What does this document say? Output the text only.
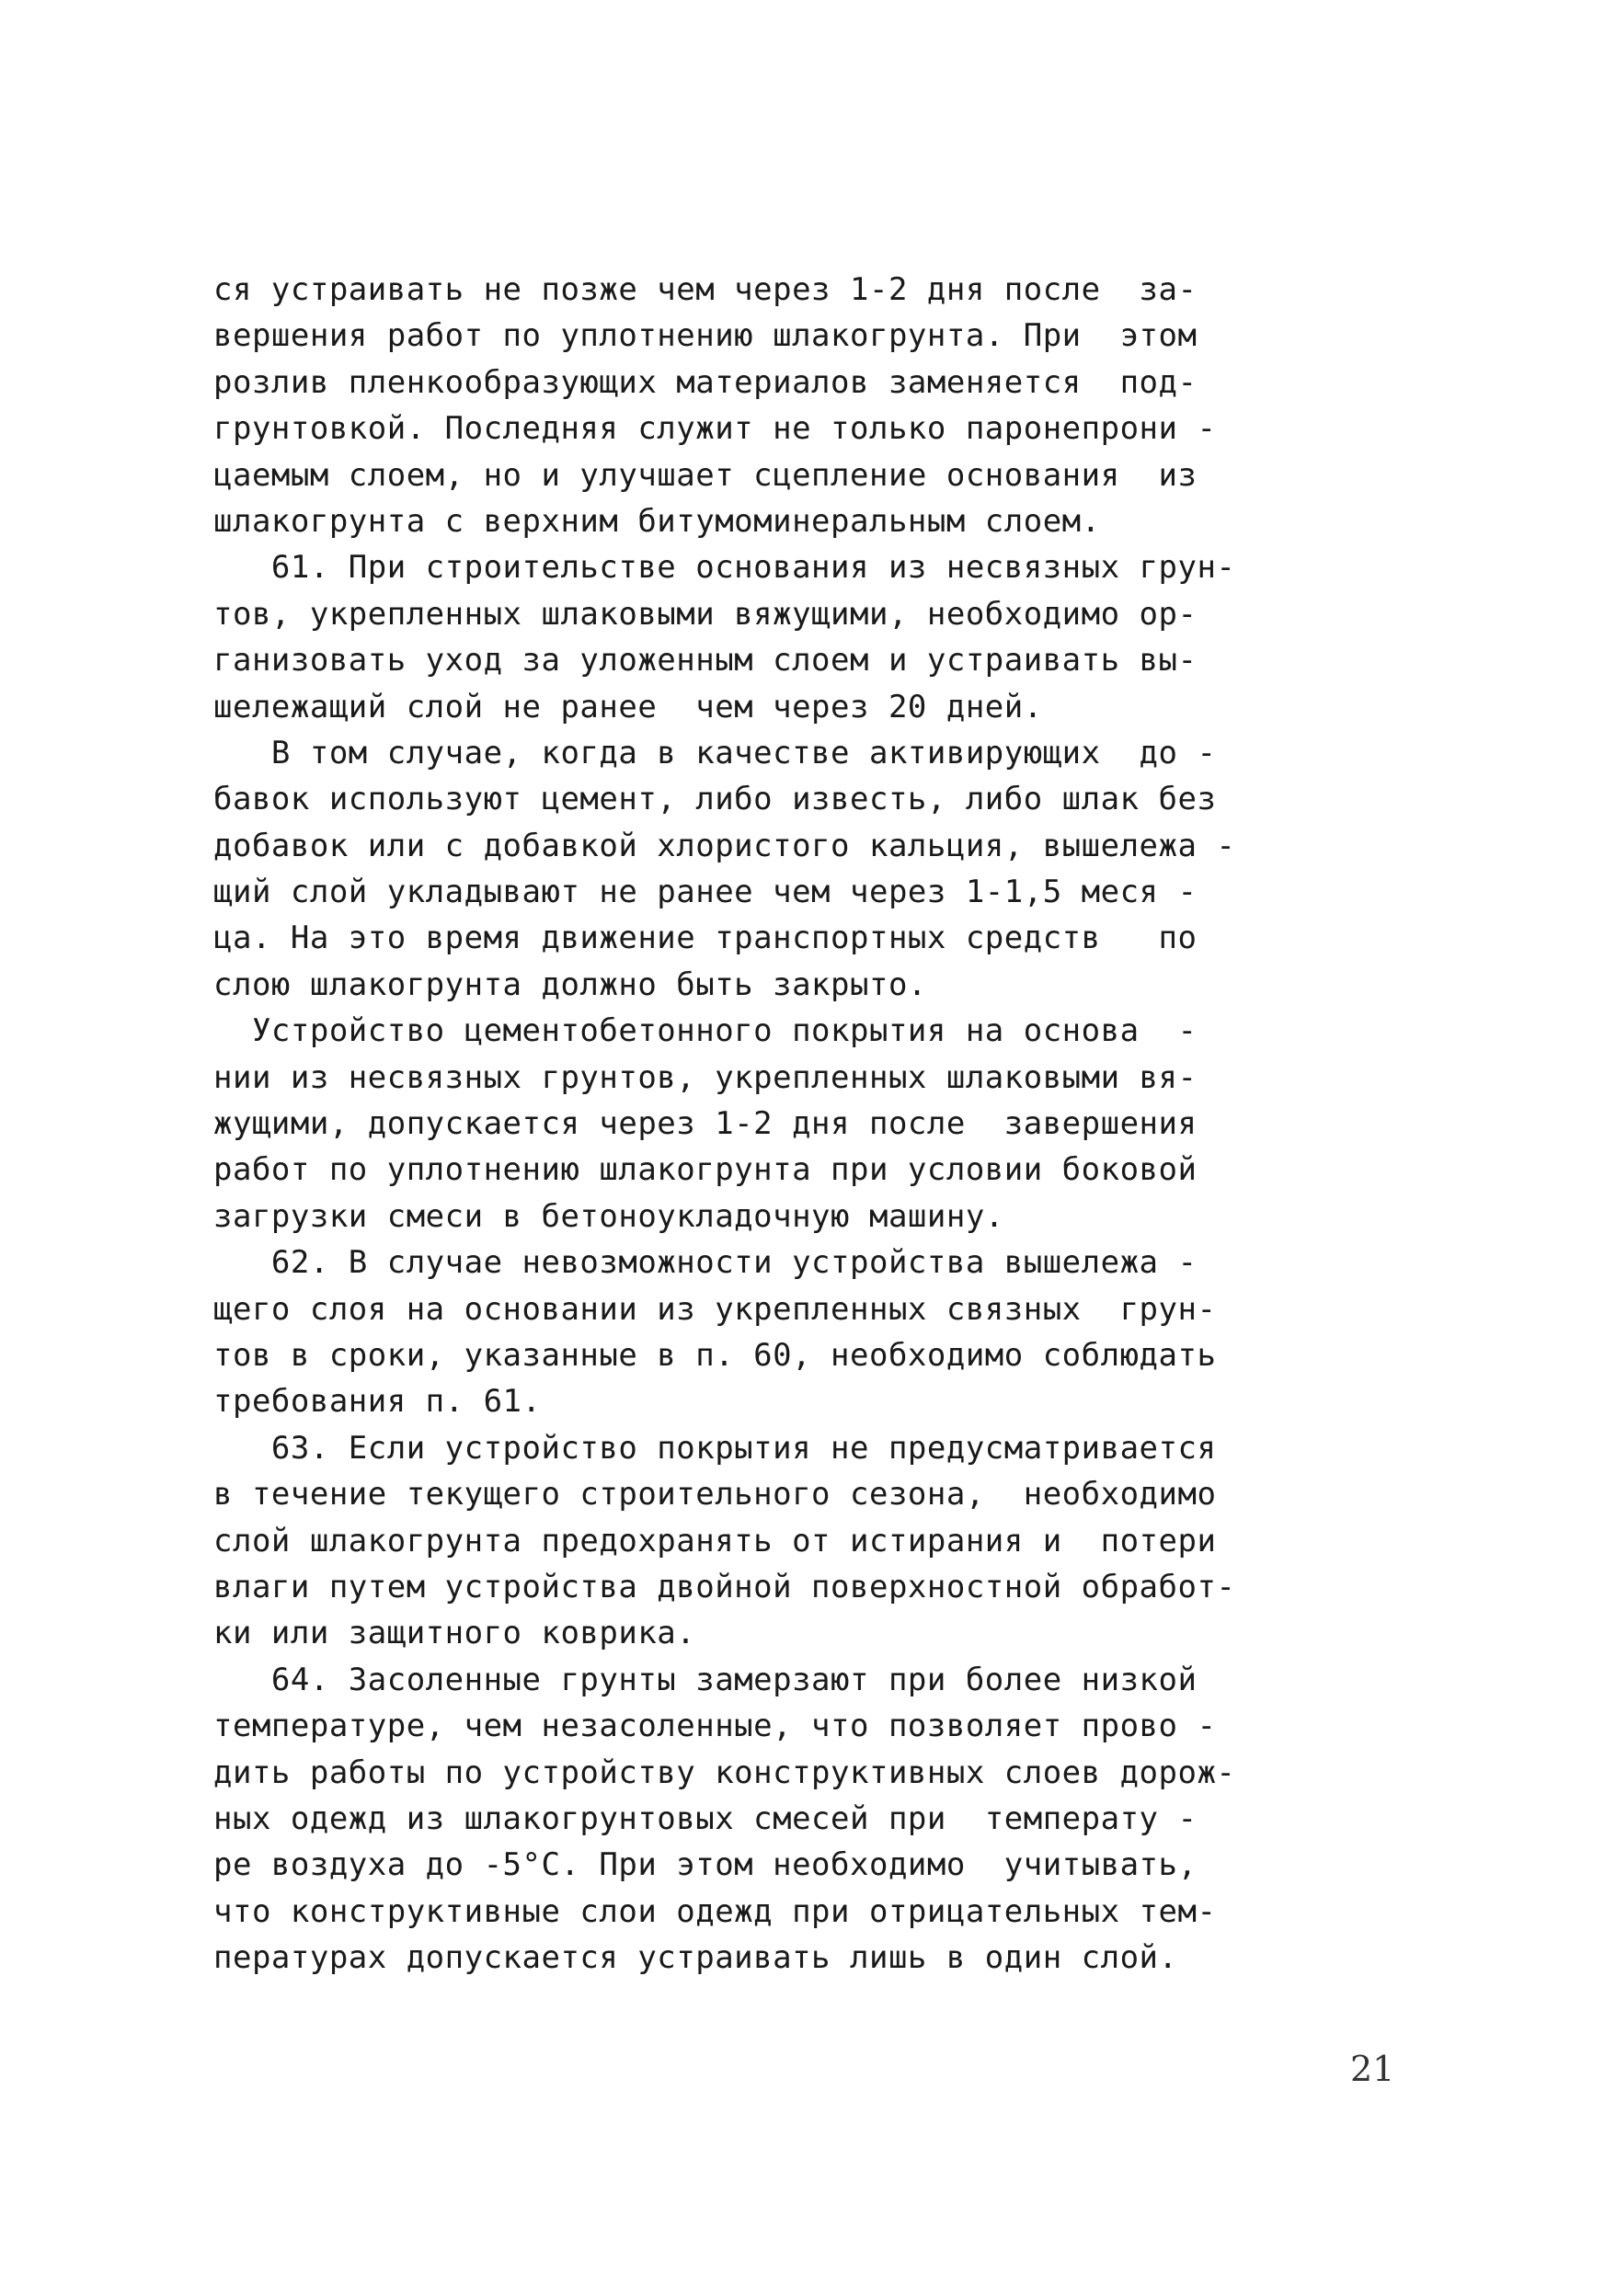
ся устраивать не позже чем через 1-2 дня после  за-
вершения работ по уплотнению шлакогрунта. При  этом
розлив пленкообразующих материалов заменяется  под-
грунтовкой. Последняя служит не только паронепрони -
цаемым слоем, но и улучшает сцепление основания  из
шлакогрунта с верхним битумоминеральным слоем.
61. При строительстве основания из несвязных грун-
тов, укрепленных шлаковыми вяжущими, необходимо ор-
ганизовать уход за уложенным слоем и устраивать вы-
шележащий слой не ранее  чем через 20 дней.
В том случае, когда в качестве активирующих  до -
бавок используют цемент, либо известь, либо шлак без
добавок или с добавкой хлористого кальция, вышележа -
щий слой укладывают не ранее чем через 1-1,5 меся -
ца. На это время движение транспортных средств   по
слою шлакогрунта должно быть закрыто.
Устройство цементобетонного покрытия на основа  -
нии из несвязных грунтов, укрепленных шлаковыми вя-
жущими, допускается через 1-2 дня после  завершения
работ по уплотнению шлакогрунта при условии боковой
загрузки смеси в бетоноукладочную машину.
62. В случае невозможности устройства вышележа -
щего слоя на основании из укрепленных связных  грун-
тов в сроки, указанные в п. 60, необходимо соблюдать
требования п. 61.
63. Если устройство покрытия не предусматривается
в течение текущего строительного сезона,  необходимо
слой шлакогрунта предохранять от истирания и  потери
влаги путем устройства двойной поверхностной обработ-
ки или защитного коврика.
64. Засоленные грунты замерзают при более низкой
температуре, чем незасоленные, что позволяет прово -
дить работы по устройству конструктивных слоев дорож-
ных одежд из шлакогрунтовых смесей при  температу -
ре воздуха до -5°C. При этом необходимо  учитывать,
что конструктивные слои одежд при отрицательных тем-
пературах допускается устраивать лишь в один слой.
21
